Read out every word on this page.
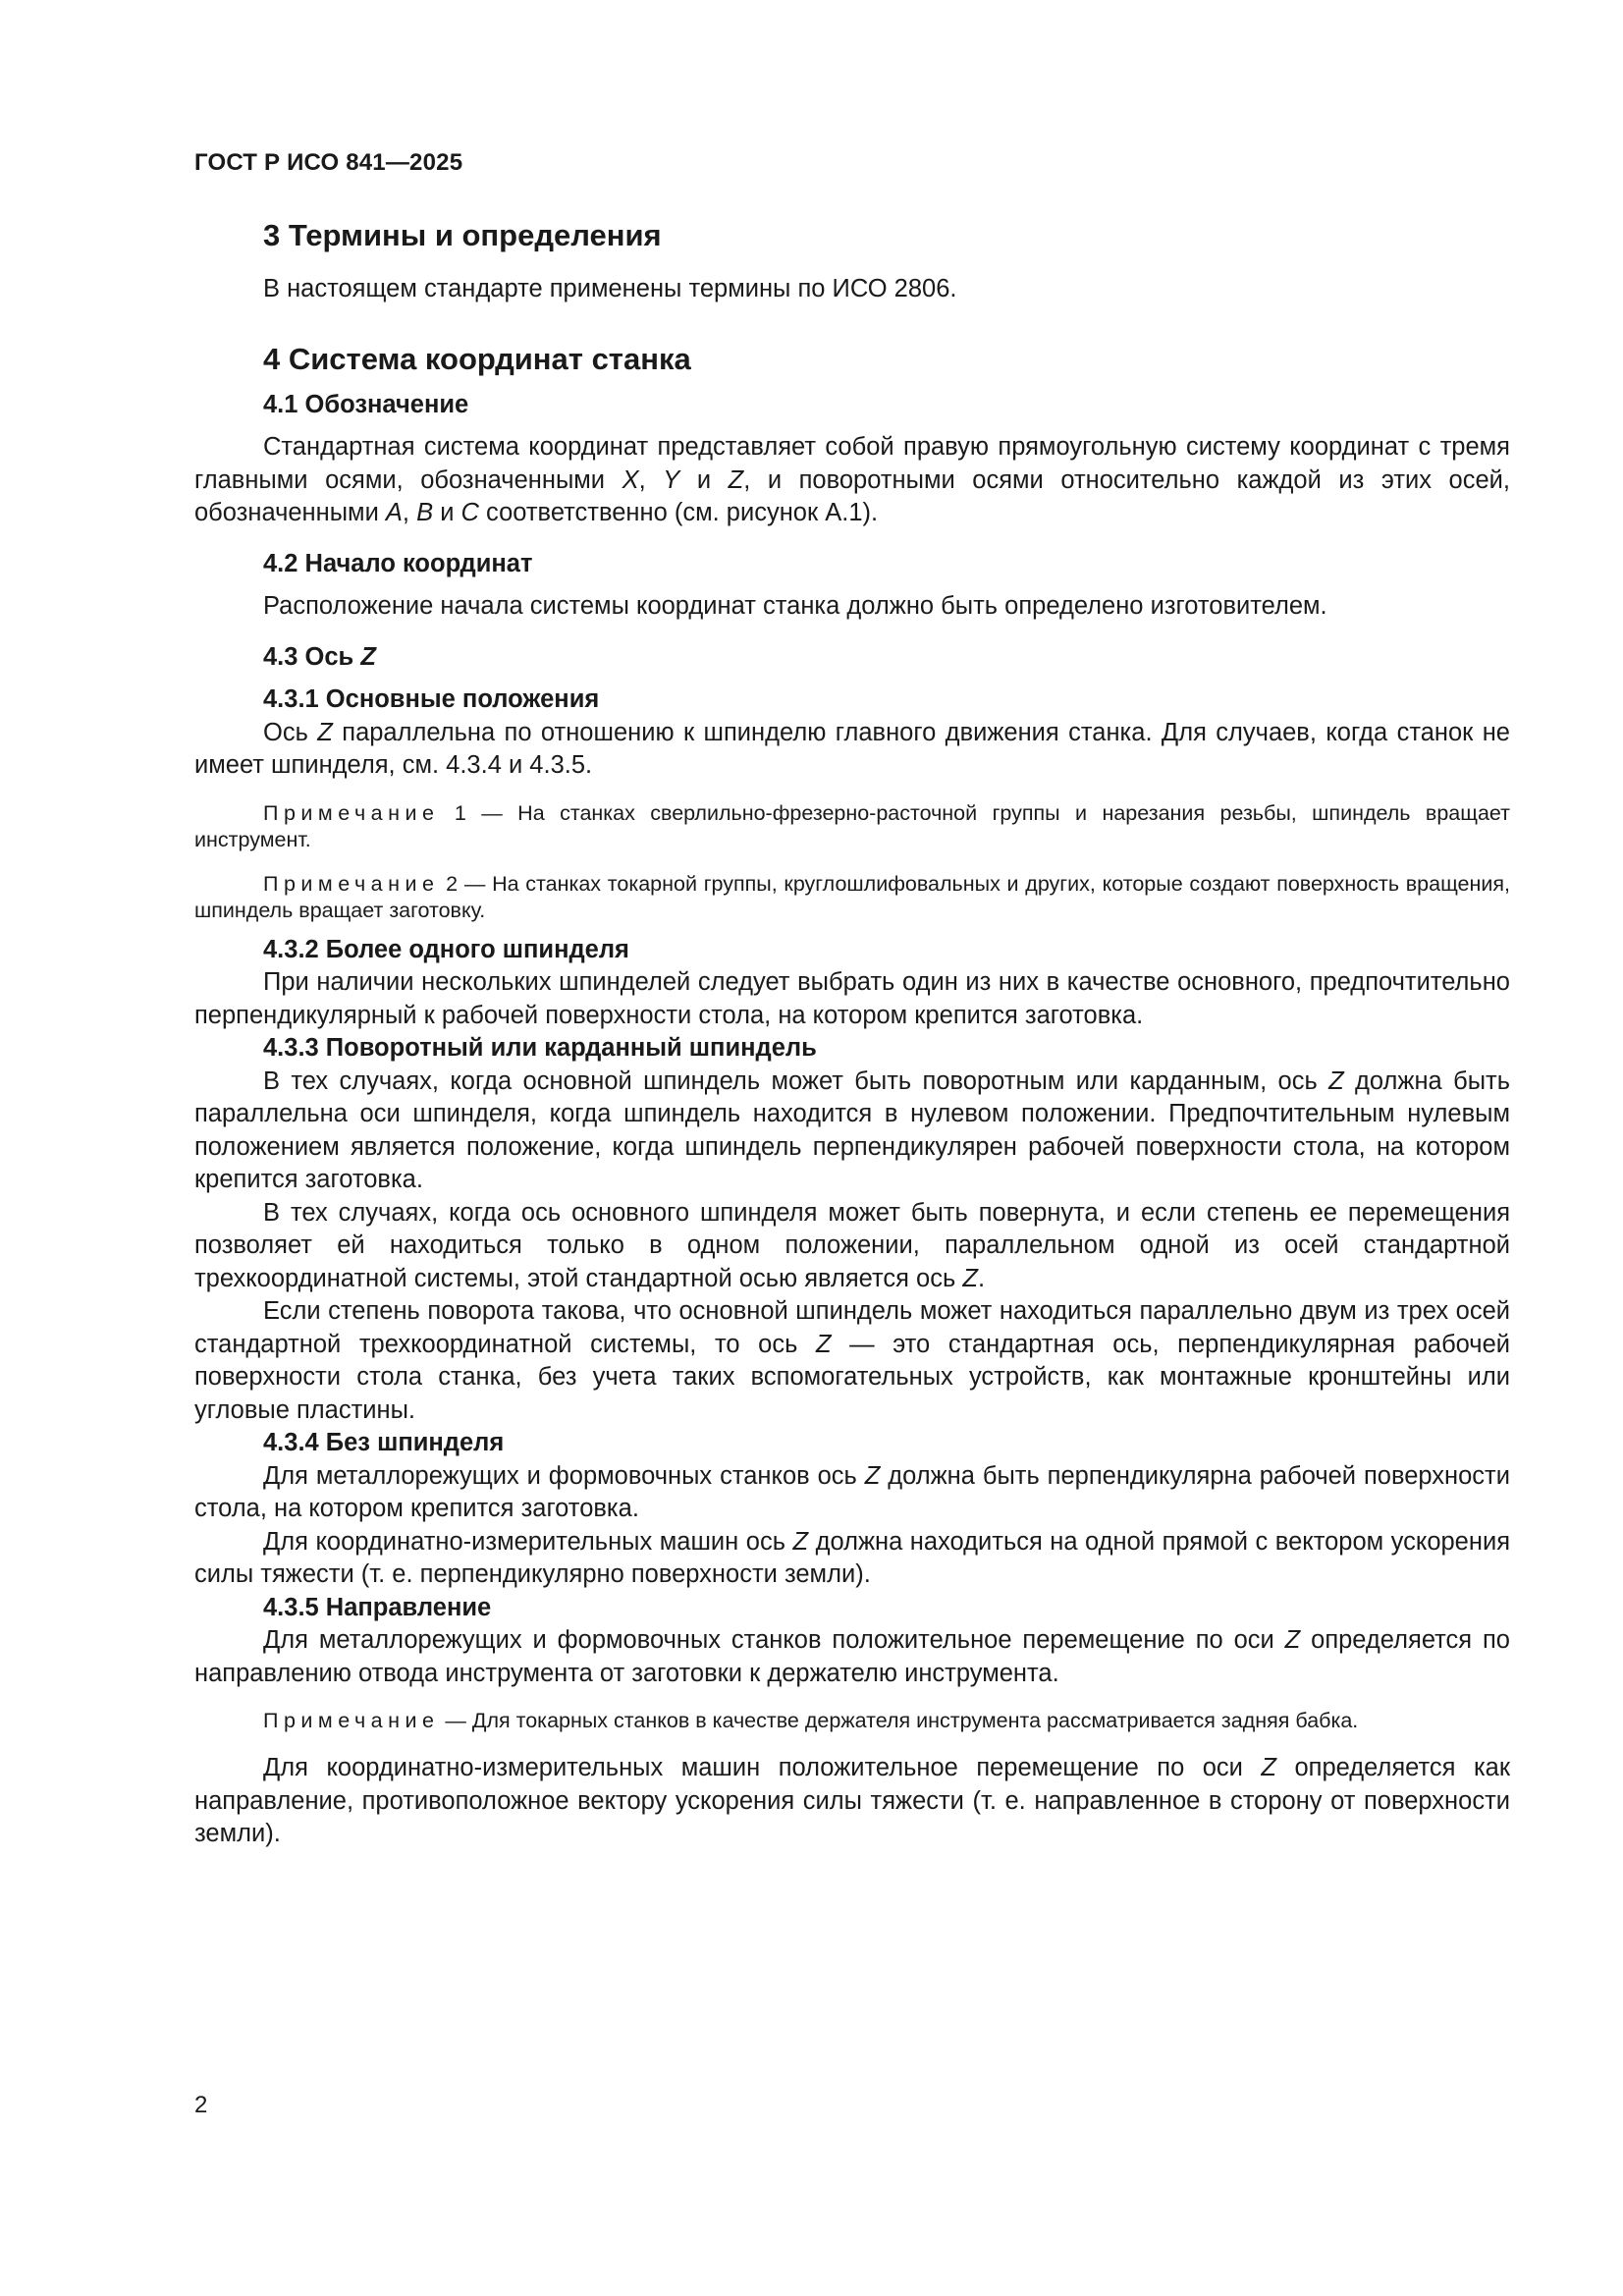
ГОСТ Р ИСО 841—2025
3 Термины и определения
В настоящем стандарте применены термины по ИСО 2806.
4 Система координат станка
4.1 Обозначение

Стандартная система координат представляет собой правую прямоугольную систему координат с тремя главными осями, обозначенными X, Y и Z, и поворотными осями относительно каждой из этих осей, обозначенными A, B и C соответственно (см. рисунок А.1).

4.2 Начало координат
Расположение начала системы координат станка должно быть определено изготовителем.
4.3 Ось Z
4.3.1 Основные положения

Ось Z параллельна по отношению к шпинделю главного движения станка. Для случаев, когда станок не имеет шпинделя, см. 4.3.4 и 4.3.5.

Примечание 1 — На станках сверлильно-фрезерно-расточной группы и нарезания резьбы, шпиндель вращает инструмент.

Примечание 2 — На станках токарной группы, круглошлифовальных и других, которые создают поверхность вращения, шпиндель вращает заготовку.

4.3.2 Более одного шпинделя

При наличии нескольких шпинделей следует выбрать один из них в качестве основного, предпочтительно перпендикулярный к рабочей поверхности стола, на котором крепится заготовка.

4.3.3 Поворотный или карданный шпиндель

В тех случаях, когда основной шпиндель может быть поворотным или карданным, ось Z должна быть параллельна оси шпинделя, когда шпиндель находится в нулевом положении. Предпочтительным нулевым положением является положение, когда шпиндель перпендикулярен рабочей поверхности стола, на котором крепится заготовка.

В тех случаях, когда ось основного шпинделя может быть повернута, и если степень ее перемещения позволяет ей находиться только в одном положении, параллельном одной из осей стандартной трехкоординатной системы, этой стандартной осью является ось Z.

Если степень поворота такова, что основной шпиндель может находиться параллельно двум из трех осей стандартной трехкоординатной системы, то ось Z — это стандартная ось, перпендикулярная рабочей поверхности стола станка, без учета таких вспомогательных устройств, как монтажные кронштейны или угловые пластины.

4.3.4 Без шпинделя

Для металлорежущих и формовочных станков ось Z должна быть перпендикулярна рабочей поверхности стола, на котором крепится заготовка.

Для координатно-измерительных машин ось Z должна находиться на одной прямой с вектором ускорения силы тяжести (т. е. перпендикулярно поверхности земли).

4.3.5 Направление

Для металлорежущих и формовочных станков положительное перемещение по оси Z определяется по направлению отвода инструмента от заготовки к держателю инструмента.

Примечание — Для токарных станков в качестве держателя инструмента рассматривается задняя бабка.

Для координатно-измерительных машин положительное перемещение по оси Z определяется как направление, противоположное вектору ускорения силы тяжести (т. е. направленное в сторону от поверхности земли).

2
